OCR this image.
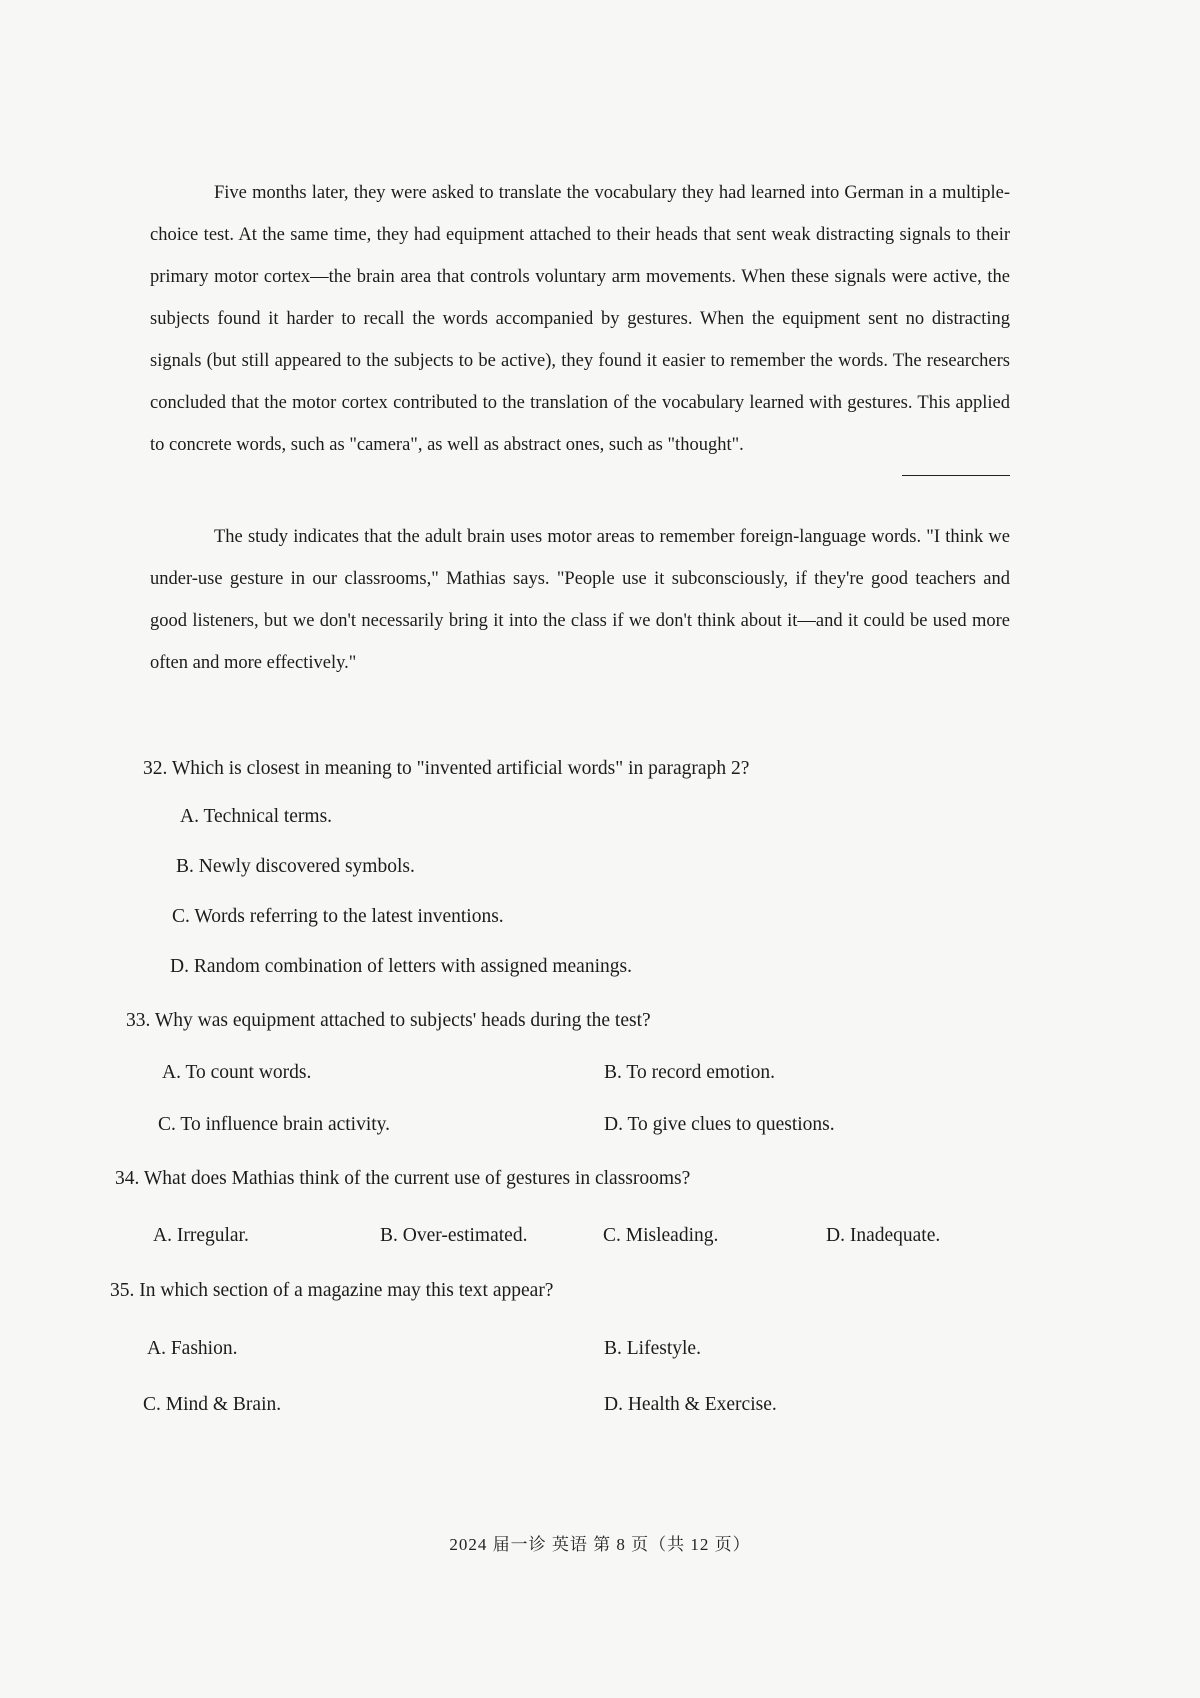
Five months later, they were asked to translate the vocabulary they had learned into German in a multiple-choice test. At the same time, they had equipment attached to their heads that sent weak distracting signals to their primary motor cortex—the brain area that controls voluntary arm movements. When these signals were active, the subjects found it harder to recall the words accompanied by gestures. When the equipment sent no distracting signals (but still appeared to the subjects to be active), they found it easier to remember the words. The researchers concluded that the motor cortex contributed to the translation of the vocabulary learned with gestures. This applied to concrete words, such as "camera", as well as abstract ones, such as "thought".

The study indicates that the adult brain uses motor areas to remember foreign-language words. "I think we under-use gesture in our classrooms," Mathias says. "People use it subconsciously, if they're good teachers and good listeners, but we don't necessarily bring it into the class if we don't think about it—and it could be used more often and more effectively."

32. Which is closest in meaning to "invented artificial words" in paragraph 2?

A. Technical terms.
B. Newly discovered symbols.
C. Words referring to the latest inventions.
D. Random combination of letters with assigned meanings.

33. Why was equipment attached to subjects' heads during the test?

A. To count words.	B. To record emotion.
C. To influence brain activity.	D. To give clues to questions.

34. What does Mathias think of the current use of gestures in classrooms?

A. Irregular.	B. Over-estimated.	C. Misleading.	D. Inadequate.

35. In which section of a magazine may this text appear?

A. Fashion.	B. Lifestyle.
C. Mind & Brain.	D. Health & Exercise.
2024 届一诊 英语 第 8 页（共 12 页）
